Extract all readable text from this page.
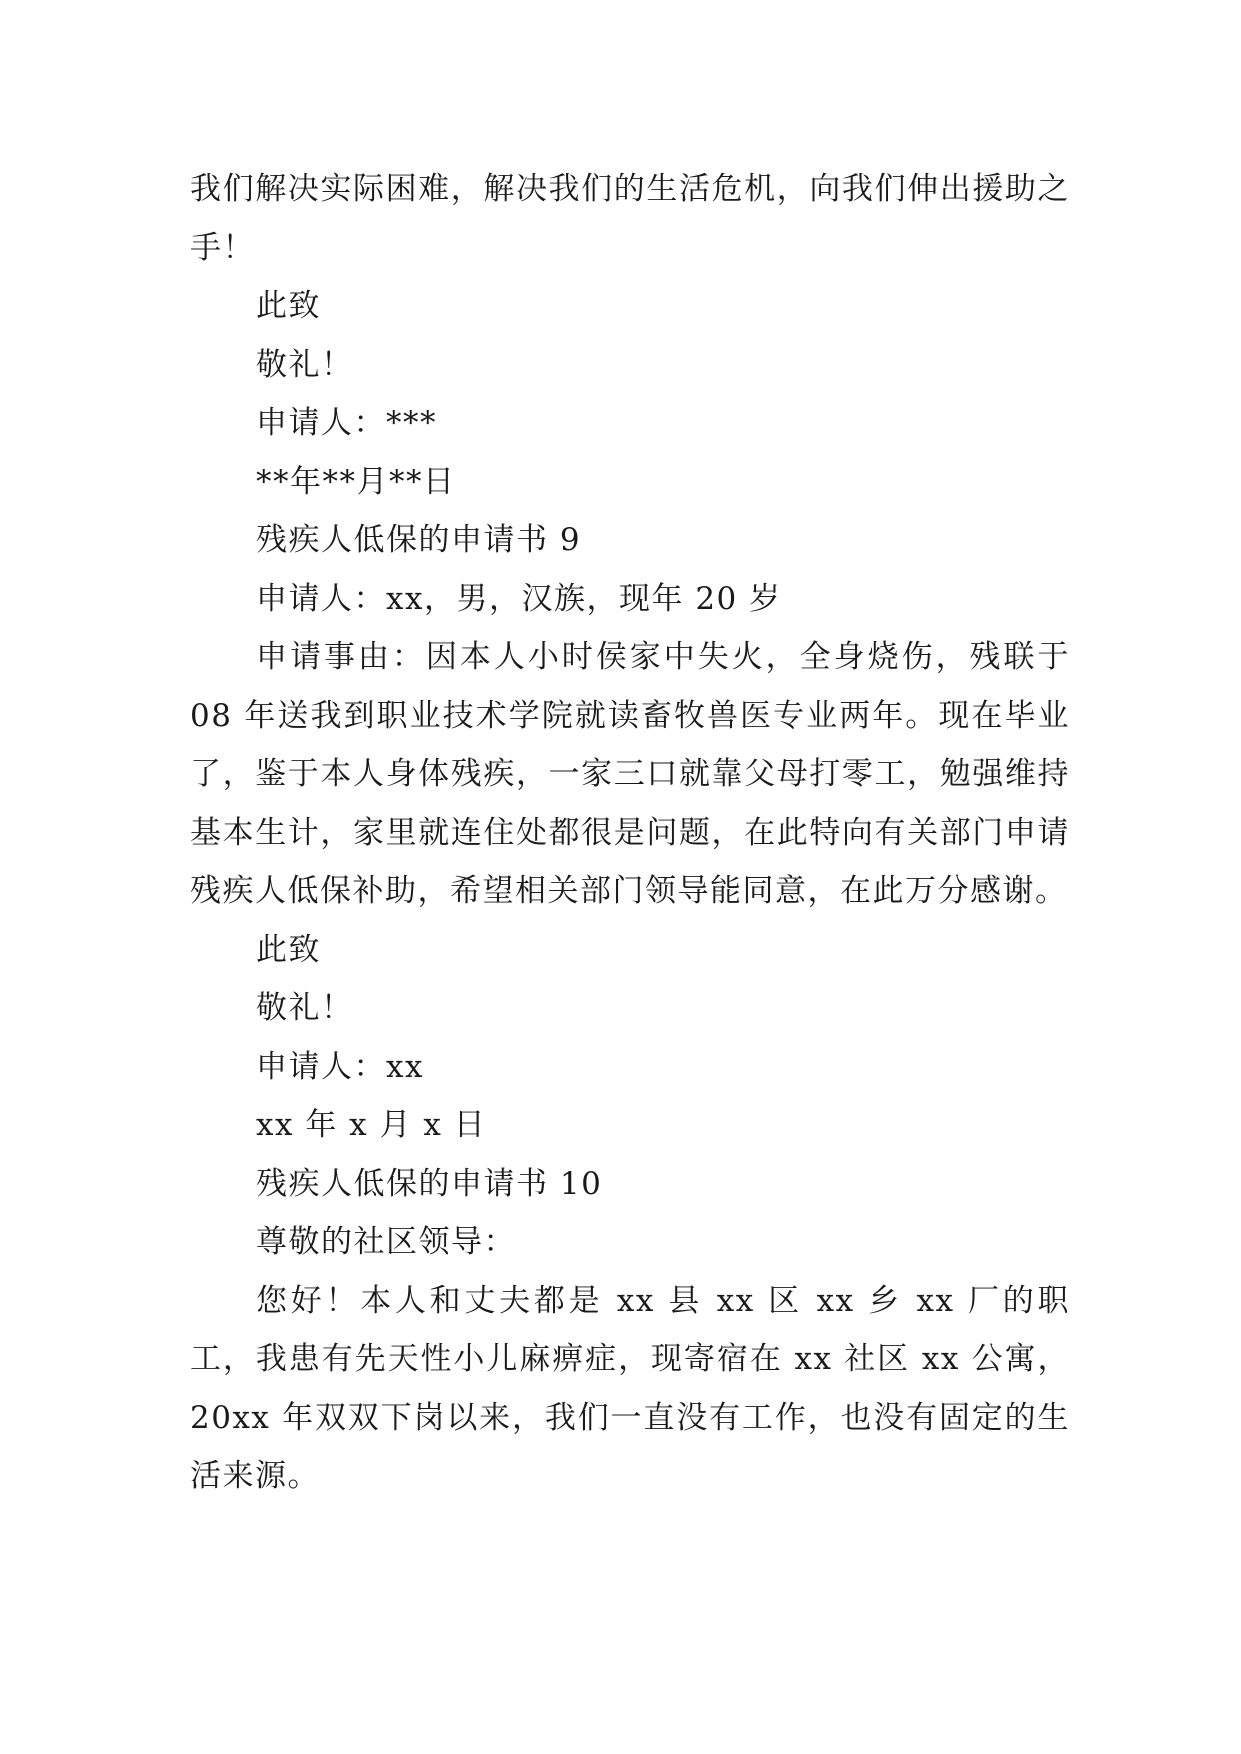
我们解决实际困难，解决我们的生活危机，向我们伸出援助之手！

此致

敬礼！

申请人：***

**年**月**日

残疾人低保的申请书 9

申请人：xx，男，汉族，现年 20 岁

申请事由：因本人小时侯家中失火，全身烧伤，残联于 08 年送我到职业技术学院就读畜牧兽医专业两年。现在毕业了，鉴于本人身体残疾，一家三口就靠父母打零工，勉强维持基本生计，家里就连住处都很是问题，在此特向有关部门申请残疾人低保补助，希望相关部门领导能同意，在此万分感谢。

此致

敬礼！

申请人：xx

xx 年 x 月 x 日

残疾人低保的申请书 10

尊敬的社区领导：

您好！本人和丈夫都是 xx 县 xx 区 xx 乡 xx 厂的职工，我患有先天性小儿麻痹症，现寄宿在 xx 社区 xx 公寓，20xx 年双双下岗以来，我们一直没有工作，也没有固定的生活来源。
